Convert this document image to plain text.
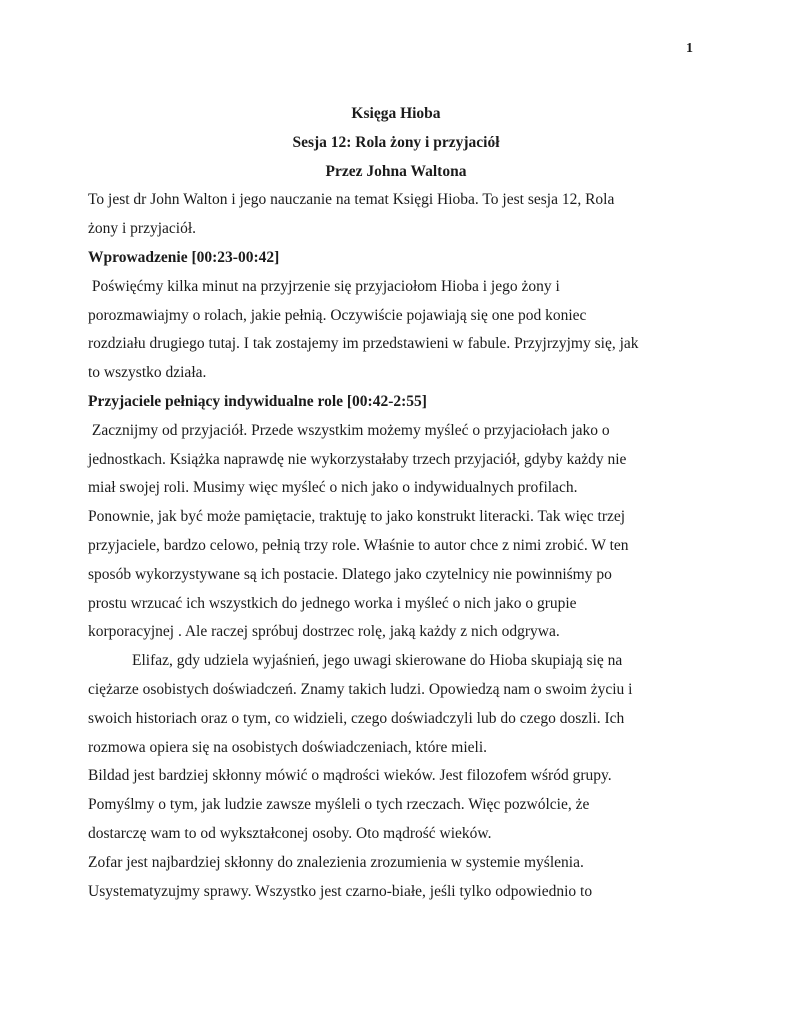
1
Księga Hioba
Sesja 12: Rola żony i przyjaciół
Przez Johna Waltona
To jest dr John Walton i jego nauczanie na temat Księgi Hioba. To jest sesja 12, Rola
żony i przyjaciół.
Wprowadzenie [00:23-00:42]
Poświęćmy kilka minut na przyjrzenie się przyjaciołom Hioba i jego żony i
porozmawiajmy o rolach, jakie pełnią. Oczywiście pojawiają się one pod koniec
rozdziału drugiego tutaj. I tak zostajemy im przedstawieni w fabule. Przyjrzyjmy się, jak
to wszystko działa.
Przyjaciele pełniący indywidualne role [00:42-2:55]
Zacznijmy od przyjaciół. Przede wszystkim możemy myśleć o przyjaciołach jako o
jednostkach. Książka naprawdę nie wykorzystałaby trzech przyjaciół, gdyby każdy nie
miał swojej roli. Musimy więc myśleć o nich jako o indywidualnych profilach.
Ponownie, jak być może pamiętacie, traktuję to jako konstrukt literacki. Tak więc trzej
przyjaciele, bardzo celowo, pełnią trzy role. Właśnie to autor chce z nimi zrobić. W ten
sposób wykorzystywane są ich postacie. Dlatego jako czytelnicy nie powinniśmy po
prostu wrzucać ich wszystkich do jednego worka i myśleć o nich jako o grupie
korporacyjnej . Ale raczej spróbuj dostrzec rolę, jaką każdy z nich odgrywa.
Elifaz, gdy udziela wyjaśnień, jego uwagi skierowane do Hioba skupiają się na
ciężarze osobistych doświadczeń. Znamy takich ludzi. Opowiedzą nam o swoim życiu i
swoich historiach oraz o tym, co widzieli, czego doświadczyli lub do czego doszli. Ich
rozmowa opiera się na osobistych doświadczeniach, które mieli.
Bildad jest bardziej skłonny mówić o mądrości wieków. Jest filozofem wśród grupy.
Pomyślmy o tym, jak ludzie zawsze myśleli o tych rzeczach. Więc pozwólcie, że
dostarczę wam to od wykształconej osoby. Oto mądrość wieków.
Zofar jest najbardziej skłonny do znalezienia zrozumienia w systemie myślenia.
Usystematyzujmy sprawy. Wszystko jest czarno-białe, jeśli tylko odpowiednio to
